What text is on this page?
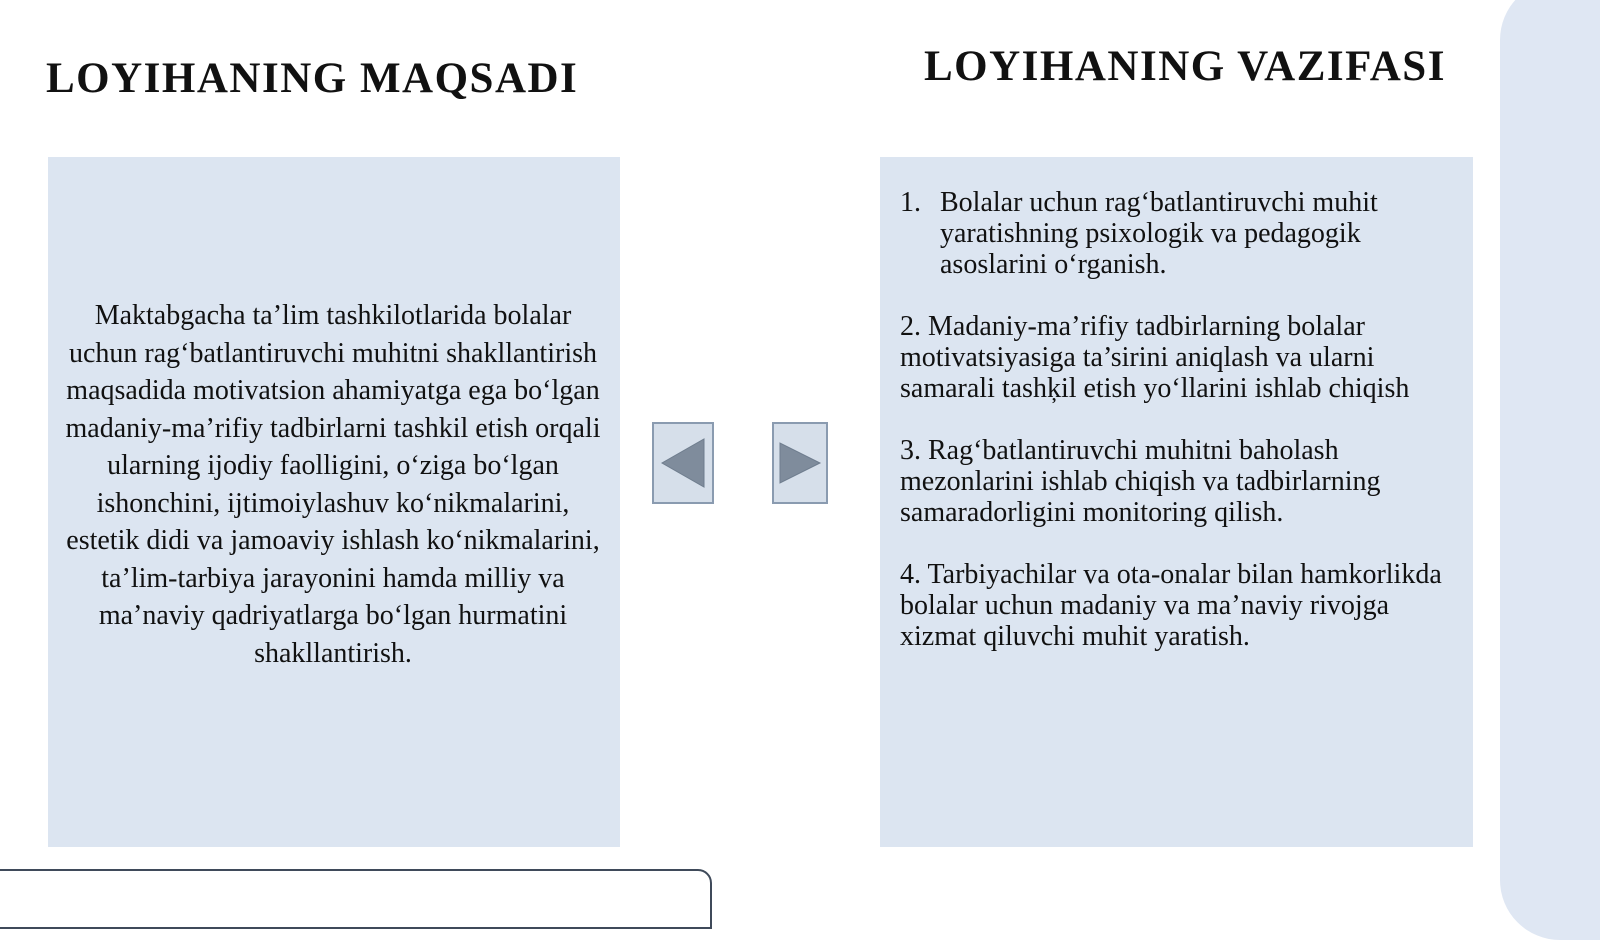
LOYIHANING MAQSADI	LOYIHANING VAZIFASI

Maktabgacha ta’lim tashkilotlarida bolalar uchun rag‘batlantiruvchi muhitni shakllantirish maqsadida motivatsion ahamiyatga ega bo‘lgan madaniy-ma’rifiy tadbirlarni tashkil etish orqali ularning ijodiy faolligini, o‘ziga bo‘lgan ishonchini, ijtimoiylashuv ko‘nikmalarini, estetik didi va jamoaviy ishlash ko‘nikmalarini, ta’lim-tarbiya jarayonini hamda milliy va ma’naviy qadriyatlarga bo‘lgan hurmatini shakllantirish.

1. Bolalar uchun rag‘batlantiruvchi muhit yaratishning psixologik va pedagogik asoslarini o‘rganish.
2. Madaniy-ma’rifiy tadbirlarning bolalar motivatsiyasiga ta’sirini aniqlash va ularni samarali tashķil etish yo‘llarini ishlab chiqish
3. Rag‘batlantiruvchi muhitni baholash mezonlarini ishlab chiqish va tadbirlarning samaradorligini monitoring qilish.
4. Tarbiyachilar va ota-onalar bilan hamkorlikda bolalar uchun madaniy va ma’naviy rivojga xizmat qiluvchi muhit yaratish.
